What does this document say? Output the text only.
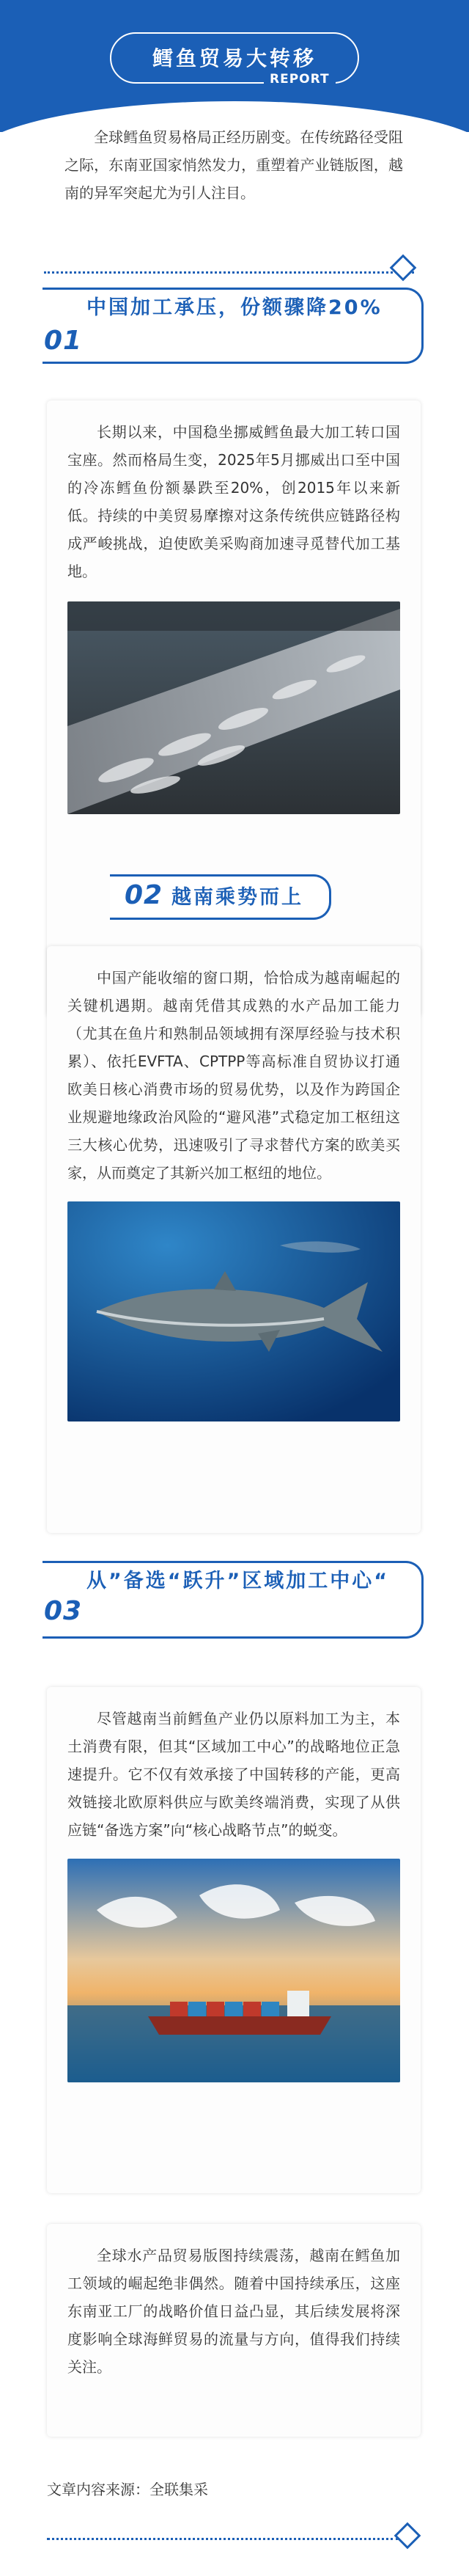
鳕鱼贸易大转移
REPORT

全球鳕鱼贸易格局正经历剧变。在传统路径受阻之际，东南亚国家悄然发力，重塑着产业链版图，越南的异军突起尤为引人注目。

01
中国加工承压，份额骤降20%

长期以来，中国稳坐挪威鳕鱼最大加工转口国宝座。然而格局生变，2025年5月挪威出口至中国的冷冻鳕鱼份额暴跌至20%，创2015年以来新低。持续的中美贸易摩擦对这条传统供应链路径构成严峻挑战，迫使欧美采购商加速寻觅替代加工基地。

02 越南乘势而上

中国产能收缩的窗口期，恰恰成为越南崛起的关键机遇期。越南凭借其成熟的水产品加工能力（尤其在鱼片和熟制品领域拥有深厚经验与技术积累）、依托EVFTA、CPTPP等高标准自贸协议打通欧美日核心消费市场的贸易优势，以及作为跨国企业规避地缘政治风险的“避风港”式稳定加工枢纽这三大核心优势，迅速吸引了寻求替代方案的欧美买家，从而奠定了其新兴加工枢纽的地位。

03
从”备选“跃升”区域加工中心“

尽管越南当前鳕鱼产业仍以原料加工为主，本土消费有限，但其“区域加工中心”的战略地位正急速提升。它不仅有效承接了中国转移的产能，更高效链接北欧原料供应与欧美终端消费，实现了从供应链“备选方案”向“核心战略节点”的蜕变。

全球水产品贸易版图持续震荡，越南在鳕鱼加工领域的崛起绝非偶然。随着中国持续承压，这座东南亚工厂的战略价值日益凸显，其后续发展将深度影响全球海鲜贸易的流量与方向，值得我们持续关注。

文章内容来源：全联集采
